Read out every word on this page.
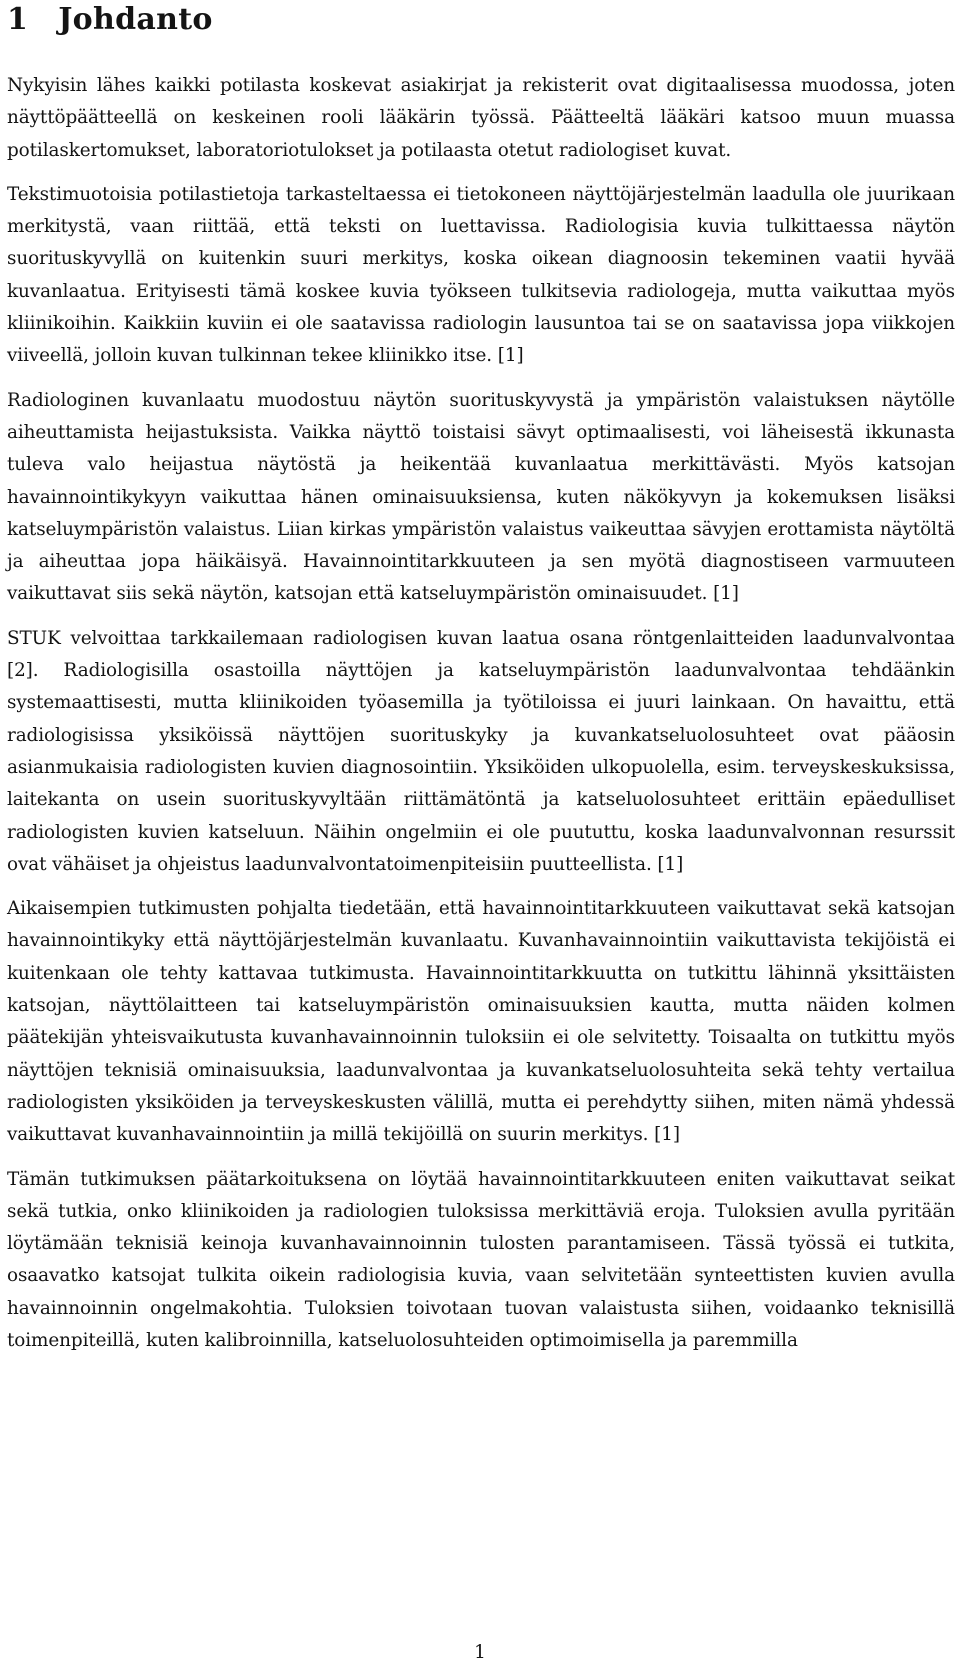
1 Johdanto

Nykyisin lähes kaikki potilasta koskevat asiakirjat ja rekisterit ovat digitaalisessa muodossa, joten näyttöpäätteellä on keskeinen rooli lääkärin työssä. Päätteeltä lääkäri katsoo muun muassa potilaskertomukset, laboratoriotulokset ja potilaasta otetut radiologiset kuvat.

Tekstimuotoisia potilastietoja tarkasteltaessa ei tietokoneen näyttöjärjestelmän laadulla ole juurikaan merkitystä, vaan riittää, että teksti on luettavissa. Radiologisia kuvia tulkittaessa näytön suorituskyvyllä on kuitenkin suuri merkitys, koska oikean diagnoosin tekeminen vaatii hyvää kuvanlaatua. Erityisesti tämä koskee kuvia työkseen tulkitsevia radiologeja, mutta vaikuttaa myös kliinikoihin. Kaikkiin kuviin ei ole saatavissa radiologin lausuntoa tai se on saatavissa jopa viikkojen viiveellä, jolloin kuvan tulkinnan tekee kliinikko itse. [1]

Radiologinen kuvanlaatu muodostuu näytön suorituskyvystä ja ympäristön valaistuksen näytölle aiheuttamista heijastuksista. Vaikka näyttö toistaisi sävyt optimaalisesti, voi läheisestä ikkunasta tuleva valo heijastua näytöstä ja heikentää kuvanlaatua merkittävästi. Myös katsojan havainnointikykyyn vaikuttaa hänen ominaisuuksiensa, kuten näkökyvyn ja kokemuksen lisäksi katseluympäristön valaistus. Liian kirkas ympäristön valaistus vaikeuttaa sävyjen erottamista näytöltä ja aiheuttaa jopa häikäisyä. Havainnointitarkkuuteen ja sen myötä diagnostiseen varmuuteen vaikuttavat siis sekä näytön, katsojan että katseluympäristön ominaisuudet. [1]

STUK velvoittaa tarkkailemaan radiologisen kuvan laatua osana röntgenlaitteiden laadunvalvontaa [2]. Radiologisilla osastoilla näyttöjen ja katseluympäristön laadunvalvontaa tehdäänkin systemaattisesti, mutta kliinikoiden työasemilla ja työtiloissa ei juuri lainkaan. On havaittu, että radiologisissa yksiköissä näyttöjen suorituskyky ja kuvankatseluolosuhteet ovat pääosin asianmukaisia radiologisten kuvien diagnosointiin. Yksiköiden ulkopuolella, esim. terveyskeskuksissa, laitekanta on usein suorituskyvyltään riittämätöntä ja katseluolosuhteet erittäin epäedulliset radiologisten kuvien katseluun. Näihin ongelmiin ei ole puututtu, koska laadunvalvonnan resurssit ovat vähäiset ja ohjeistus laadunvalvontatoimenpiteisiin puutteellista. [1]

Aikaisempien tutkimusten pohjalta tiedetään, että havainnointitarkkuuteen vaikuttavat sekä katsojan havainnointikyky että näyttöjärjestelmän kuvanlaatu. Kuvanhavainnointiin vaikuttavista tekijöistä ei kuitenkaan ole tehty kattavaa tutkimusta. Havainnointitarkkuutta on tutkittu lähinnä yksittäisten katsojan, näyttölaitteen tai katseluympäristön ominaisuuksien kautta, mutta näiden kolmen päätekijän yhteisvaikutusta kuvanhavainnoinnin tuloksiin ei ole selvitetty. Toisaalta on tutkittu myös näyttöjen teknisiä ominaisuuksia, laadunvalvontaa ja kuvankatseluolosuhteita sekä tehty vertailua radiologisten yksiköiden ja terveyskeskusten välillä, mutta ei perehdytty siihen, miten nämä yhdessä vaikuttavat kuvanhavainnointiin ja millä tekijöillä on suurin merkitys. [1]

Tämän tutkimuksen päätarkoituksena on löytää havainnointitarkkuuteen eniten vaikuttavat seikat sekä tutkia, onko kliinikoiden ja radiologien tuloksissa merkittäviä eroja. Tuloksien avulla pyritään löytämään teknisiä keinoja kuvanhavainnoinnin tulosten parantamiseen. Tässä työssä ei tutkita, osaavatko katsojat tulkita oikein radiologisia kuvia, vaan selvitetään synteettisten kuvien avulla havainnoinnin ongelmakohtia. Tuloksien toivotaan tuovan valaistusta siihen, voidaanko teknisillä toimenpiteillä, kuten kalibroinnilla, katseluolosuhteiden optimoimisella ja paremmilla

1
